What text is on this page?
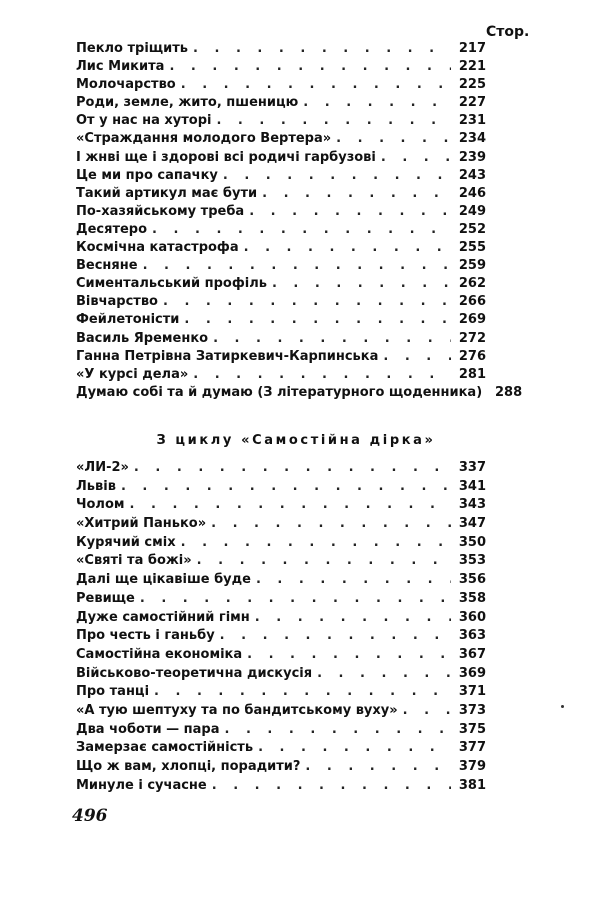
Стор.
Пекло тріщить . . .	217
Лис Микита . . .	221
Молочарство . . .	225
Роди, земле, жито, пшеницю . . .	227
От у нас на хуторі . . .	231
«Страждання молодого Вертера» . . .	234
І жнві ще і здорові всі родичі гарбузові . . .	239
Це ми про сапачку . . .	243
Такий артикул має бути . . .	246
По-хазяйському треба . . .	249
Десятеро . . .	252
Космічна катастрофа . . .	255
Весняне . . .	259
Симентальський профіль . . .	262
Вівчарство . . .	266
Фейлетоністи . . .	269
Василь Яременко . . .	272
Ганна Петрівна Затиркевич-Карпинська . . .	276
«У курсі дела» . . .	281
Думаю собі та й думаю (З літературного щоденника) 288
З циклу «Самостійна дірка»
«ЛИ-2» . . .	337
Львів . . .	341
Чолом . . .	343
«Хитрий Панько» . . .	347
Курячий сміх . . .	350
«Святі та божі» . . .	353
Далі ще цікавіше буде . . .	356
Ревище . . .	358
Дуже самостійний гімн . . .	360
Про честь і ганьбу . . .	363
Самостійна економіка . . .	367
Військово-теоретична дискусія . . .	369
Про танці . . .	371
«А тую шептуху та по бандитському вуху» . . .	373
Два чоботи — пара . . .	375
Замерзає самостійність . . .	377
Що ж вам, хлопці, порадити? . . .	379
Минуле і сучасне . . .	381
496
